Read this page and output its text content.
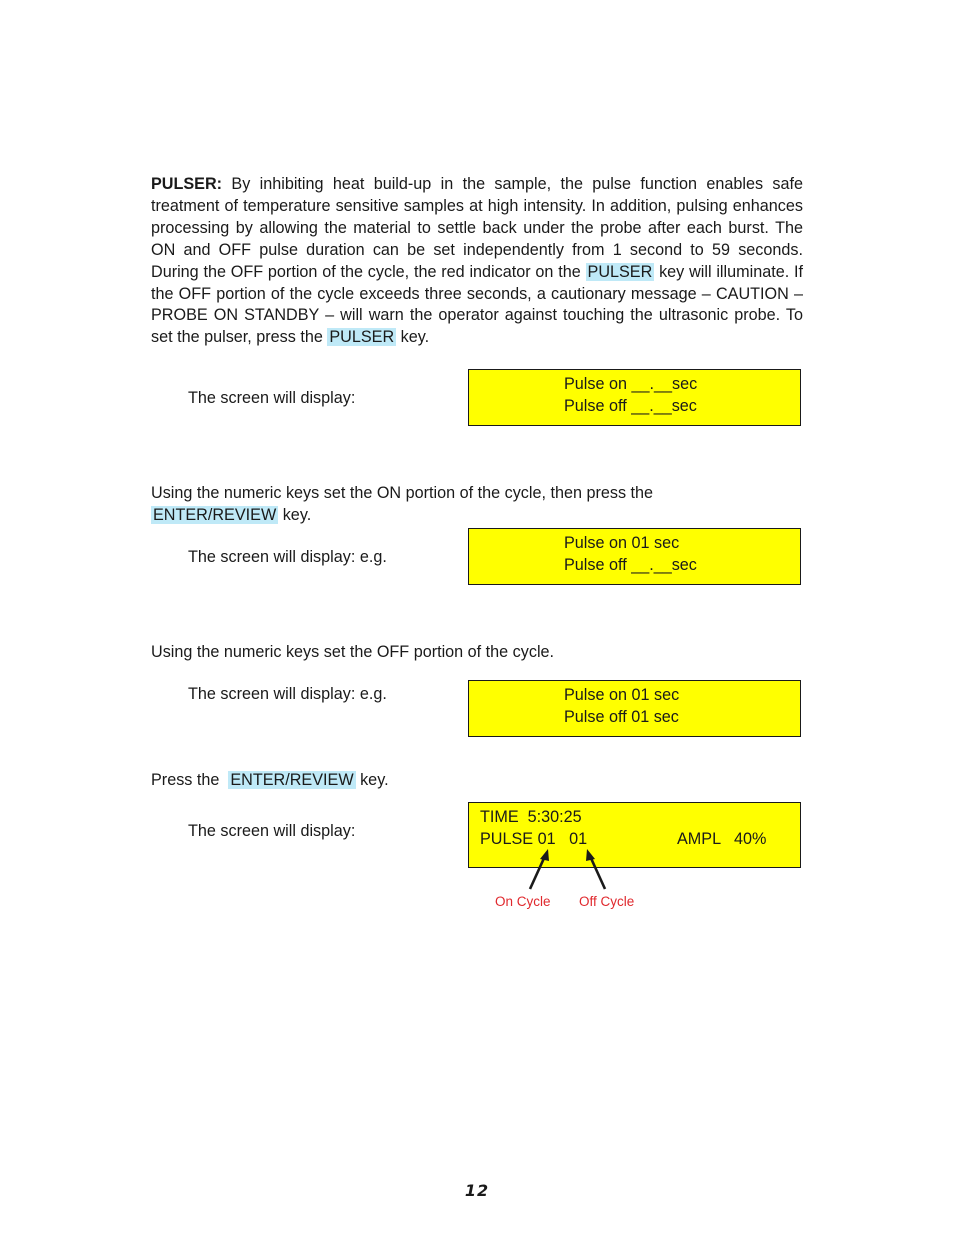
PULSER: By inhibiting heat build-up in the sample, the pulse function enables safe treatment of temperature sensitive samples at high intensity. In addition, pulsing enhances processing by allowing the material to settle back under the probe after each burst. The ON and OFF pulse duration can be set independently from 1 second to 59 seconds. During the OFF portion of the cycle, the red indicator on the PULSER key will illuminate. If the OFF portion of the cycle exceeds three seconds, a cautionary message – CAUTION – PROBE ON STANDBY – will warn the operator against touching the ultrasonic probe. To set the pulser, press the PULSER key.

The screen will display:
Pulse on __.__sec
Pulse off __.__sec

Using the numeric keys set the ON portion of the cycle, then press the
ENTER/REVIEW key.

The screen will display: e.g.
Pulse on 01 sec
Pulse off __.__sec

Using the numeric keys set the OFF portion of the cycle.

The screen will display: e.g.	Pulse on 01 sec
Pulse off 01 sec

Press the  ENTER/REVIEW key.

The screen will display:
TIME  5:30:25
PULSE 01   01	AMPL   40%
On Cycle Off Cycle
12
